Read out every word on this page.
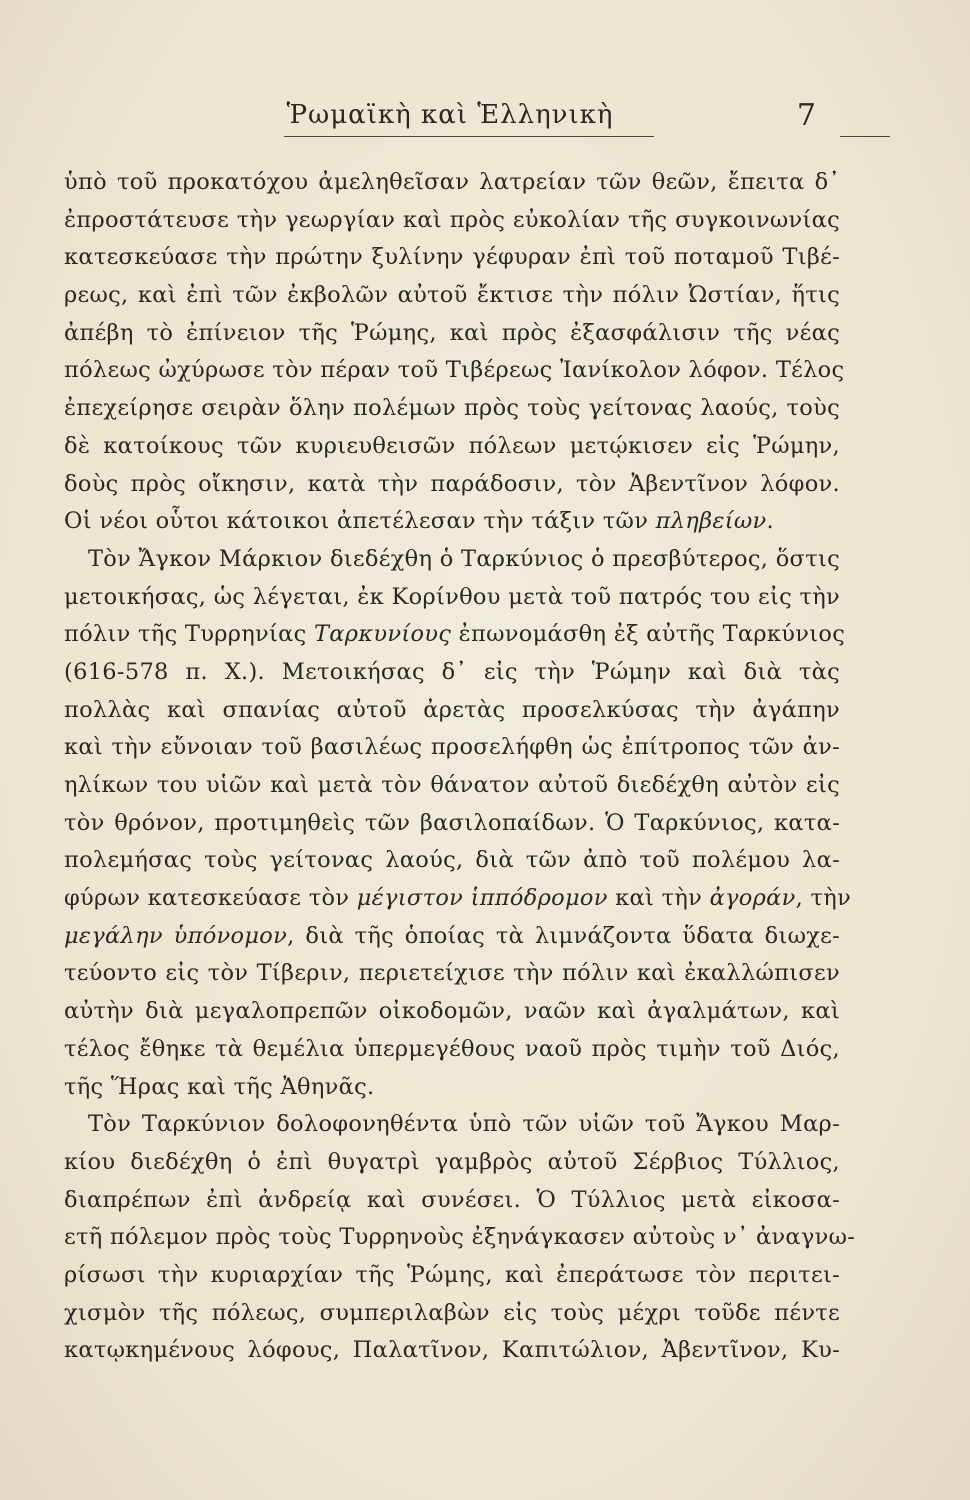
Ῥωμαϊκὴ καὶ Ἑλληνικὴ	7
ὑπὸ τοῦ προκατόχου ἀμεληθεῖσαν λατρείαν τῶν θεῶν, ἔπειτα δ᾽
ἐπροστάτευσε τὴν γεωργίαν καὶ πρὸς εὐκολίαν τῆς συγκοινωνίας
κατεσκεύασε τὴν πρώτην ξυλίνην γέφυραν ἐπὶ τοῦ ποταμοῦ Τιβέ-
ρεως, καὶ ἐπὶ τῶν ἐκβολῶν αὐτοῦ ἔκτισε τὴν πόλιν Ὠστίαν, ἥτις
ἀπέβη τὸ ἐπίνειον τῆς Ῥώμης, καὶ πρὸς ἐξασφάλισιν τῆς νέας
πόλεως ὠχύρωσε τὸν πέραν τοῦ Τιβέρεως Ἰανίκολον λόφον. Τέλος
ἐπεχείρησε σειρὰν ὅλην πολέμων πρὸς τοὺς γείτονας λαούς, τοὺς
δὲ κατοίκους τῶν κυριευθεισῶν πόλεων μετῴκισεν εἰς Ῥώμην,
δοὺς πρὸς οἴκησιν, κατὰ τὴν παράδοσιν, τὸν Ἀβεντῖνον λόφον.
Οἱ νέοι οὗτοι κάτοικοι ἀπετέλεσαν τὴν τάξιν τῶν πληβείων.
Τὸν Ἄγκον Μάρκιον διεδέχθη ὁ Ταρκύνιος ὁ πρεσβύτερος, ὅστις
μετοικήσας, ὡς λέγεται, ἐκ Κορίνθου μετὰ τοῦ πατρός του εἰς τὴν
πόλιν τῆς Τυρρηνίας Ταρκυνίους ἐπωνομάσθη ἐξ αὐτῆς Ταρκύνιος
(616-578 π. Χ.). Μετοικήσας δ᾽ εἰς τὴν Ῥώμην καὶ διὰ τὰς
πολλὰς καὶ σπανίας αὐτοῦ ἀρετὰς προσελκύσας τὴν ἀγάπην
καὶ τὴν εὔνοιαν τοῦ βασιλέως προσελήφθη ὡς ἐπίτροπος τῶν ἀν-
ηλίκων του υἱῶν καὶ μετὰ τὸν θάνατον αὐτοῦ διεδέχθη αὐτὸν εἰς
τὸν θρόνον, προτιμηθεὶς τῶν βασιλοπαίδων. Ὁ Ταρκύνιος, κατα-
πολεμήσας τοὺς γείτονας λαούς, διὰ τῶν ἀπὸ τοῦ πολέμου λα-
φύρων κατεσκεύασε τὸν μέγιστον ἱππόδρομον καὶ τὴν ἀγοράν, τὴν
μεγάλην ὑπόνομον, διὰ τῆς ὁποίας τὰ λιμνάζοντα ὕδατα διωχε-
τεύοντο εἰς τὸν Τίβεριν, περιετείχισε τὴν πόλιν καὶ ἐκαλλώπισεν
αὐτὴν διὰ μεγαλοπρεπῶν οἰκοδομῶν, ναῶν καὶ ἀγαλμάτων, καὶ
τέλος ἔθηκε τὰ θεμέλια ὑπερμεγέθους ναοῦ πρὸς τιμὴν τοῦ Διός,
τῆς Ἥρας καὶ τῆς Ἀθηνᾶς.
Τὸν Ταρκύνιον δολοφονηθέντα ὑπὸ τῶν υἱῶν τοῦ Ἄγκου Μαρ-
κίου διεδέχθη ὁ ἐπὶ θυγατρὶ γαμβρὸς αὐτοῦ Σέρβιος Τύλλιος,
διαπρέπων ἐπὶ ἀνδρείᾳ καὶ συνέσει. Ὁ Τύλλιος μετὰ εἰκοσα-
ετῆ πόλεμον πρὸς τοὺς Τυρρηνοὺς ἐξηνάγκασεν αὐτοὺς ν᾽ ἀναγνω-
ρίσωσι τὴν κυριαρχίαν τῆς Ῥώμης, καὶ ἐπεράτωσε τὸν περιτει-
χισμὸν τῆς πόλεως, συμπεριλαβὼν εἰς τοὺς μέχρι τοῦδε πέντε
κατῳκημένους λόφους, Παλατῖνον, Καπιτώλιον, Ἀβεντῖνον, Κυ-
